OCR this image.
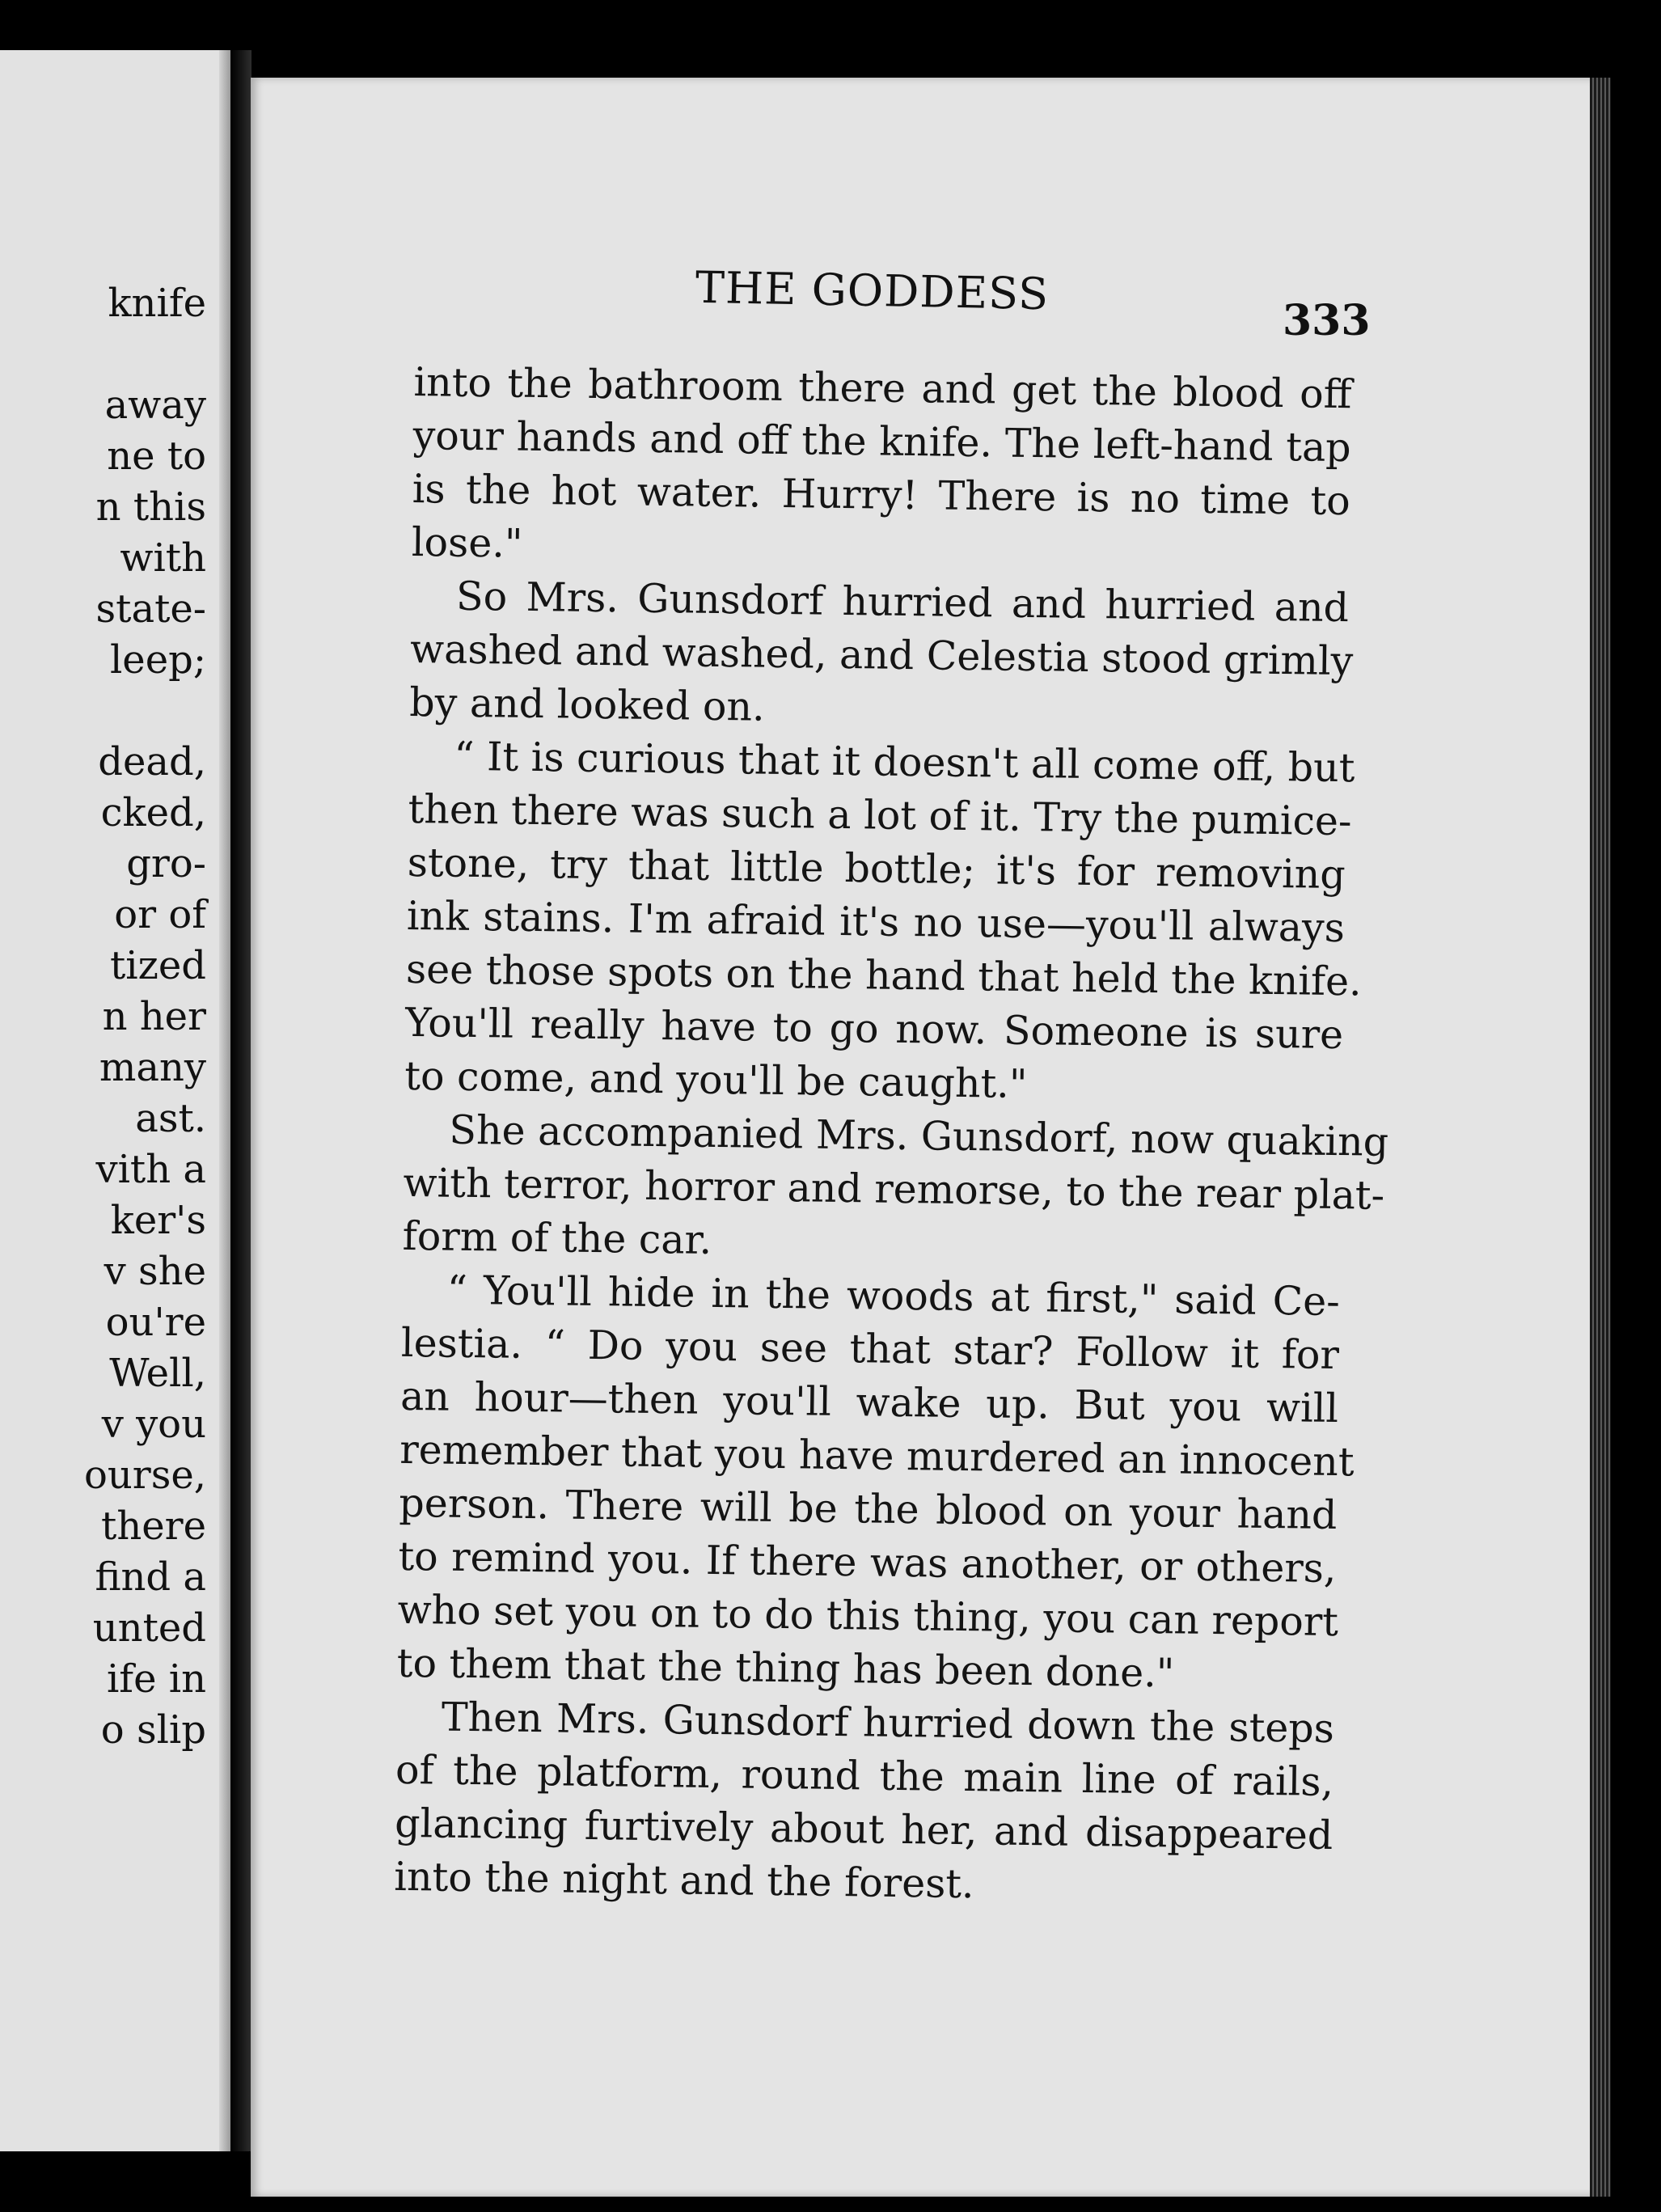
knife
away
ne to
n this
with
state-
leep;
dead,
cked,
gro-
or of
tized
n her
many
ast.
vith a
ker's
v she
ou're
Well,
v you
ourse,
there
find a
unted
ife in
o slip
THE GODDESS
333
into the bathroom there and get the blood off
your hands and off the knife. The left-hand tap
is the hot water. Hurry! There is no time to
lose."
So Mrs. Gunsdorf hurried and hurried and
washed and washed, and Celestia stood grimly
by and looked on.
“ It is curious that it doesn't all come off, but
then there was such a lot of it. Try the pumice-
stone, try that little bottle; it's for removing
ink stains. I'm afraid it's no use—you'll always
see those spots on the hand that held the knife.
You'll really have to go now. Someone is sure
to come, and you'll be caught."
She accompanied Mrs. Gunsdorf, now quaking
with terror, horror and remorse, to the rear plat-
form of the car.
“ You'll hide in the woods at first," said Ce-
lestia. “ Do you see that star? Follow it for
an hour—then you'll wake up. But you will
remember that you have murdered an innocent
person. There will be the blood on your hand
to remind you. If there was another, or others,
who set you on to do this thing, you can report
to them that the thing has been done."
Then Mrs. Gunsdorf hurried down the steps
of the platform, round the main line of rails,
glancing furtively about her, and disappeared
into the night and the forest.
